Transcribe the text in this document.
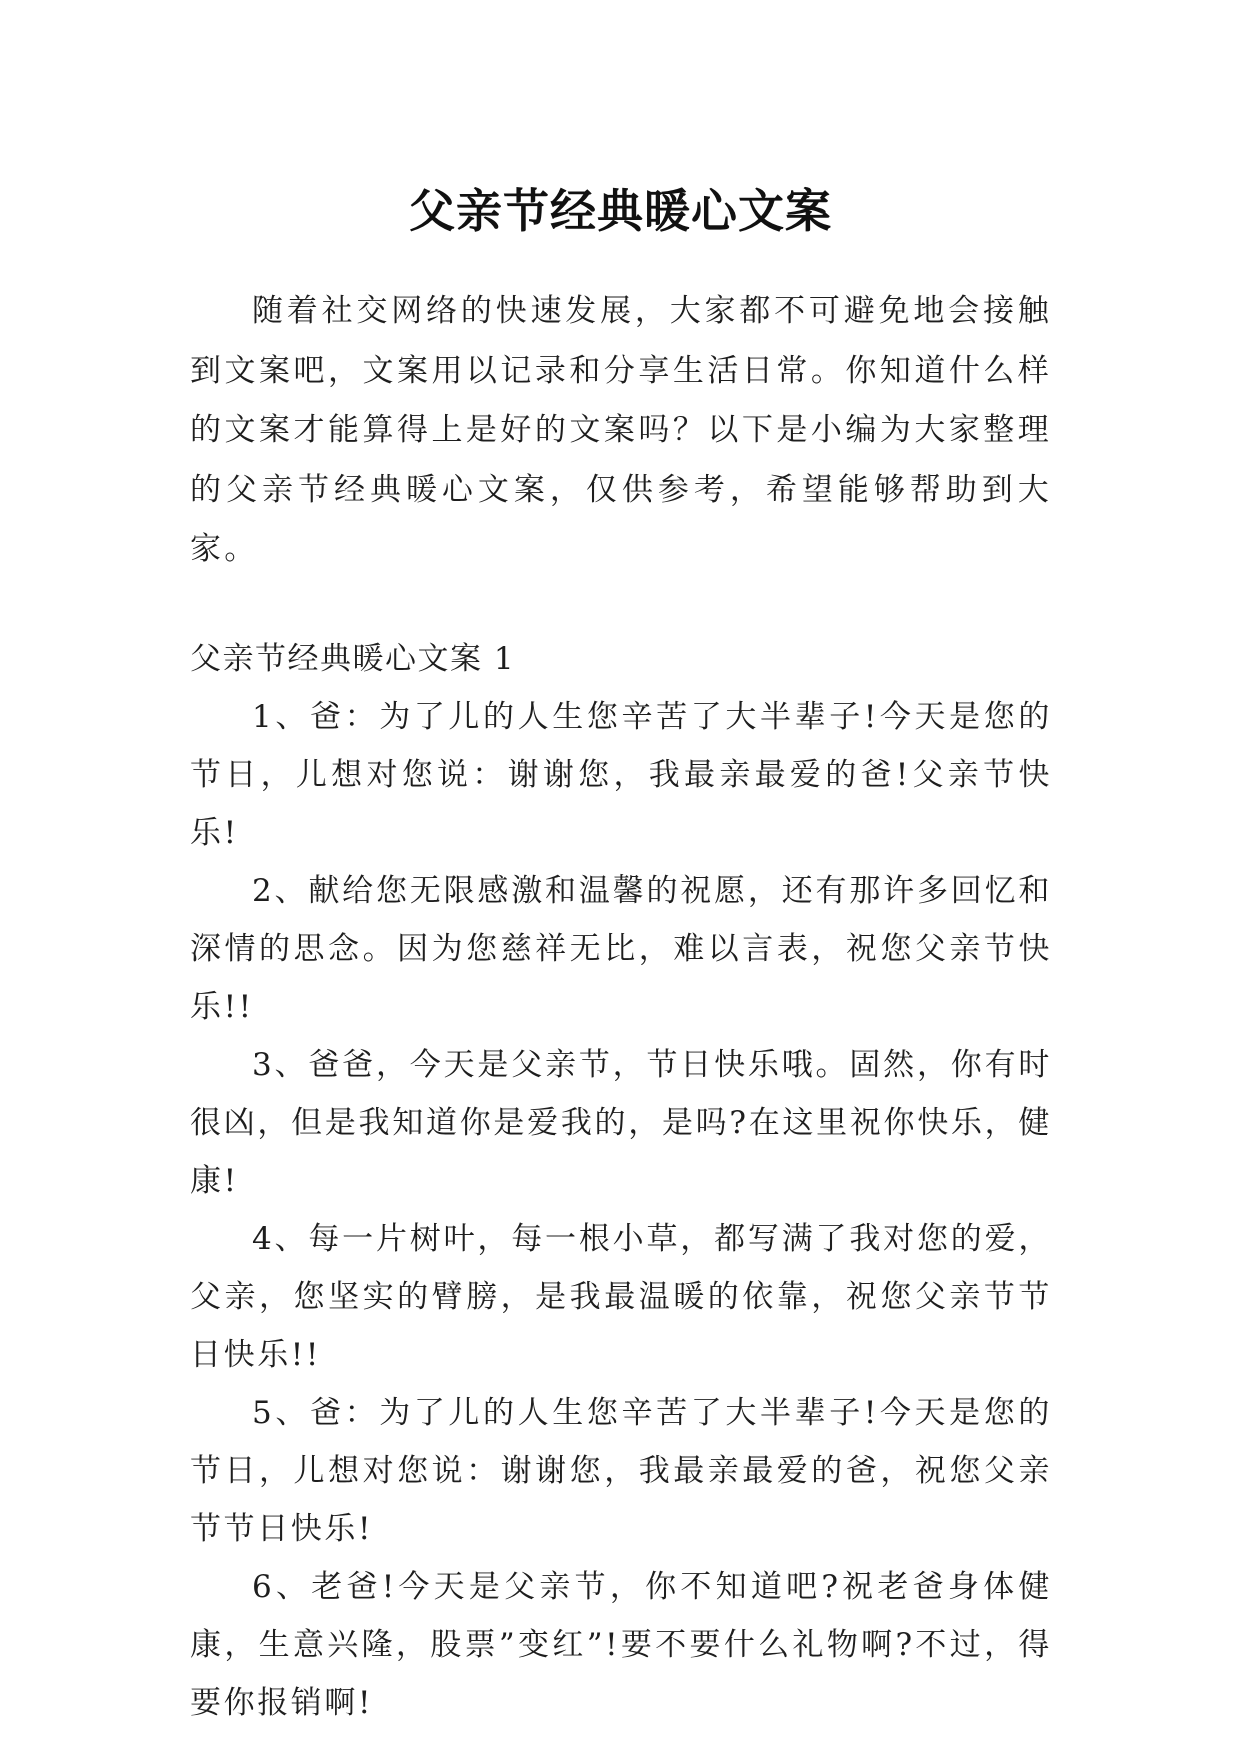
父亲节经典暖心文案

随着社交网络的快速发展，大家都不可避免地会接触到文案吧，文案用以记录和分享生活日常。你知道什么样的文案才能算得上是好的文案吗？以下是小编为大家整理的父亲节经典暖心文案，仅供参考，希望能够帮助到大家。

父亲节经典暖心文案 1

1、爸：为了儿的人生您辛苦了大半辈子!今天是您的节日，儿想对您说：谢谢您，我最亲最爱的爸!父亲节快乐!

2、献给您无限感激和温馨的祝愿，还有那许多回忆和深情的思念。因为您慈祥无比，难以言表，祝您父亲节快乐!!

3、爸爸，今天是父亲节，节日快乐哦。固然，你有时很凶，但是我知道你是爱我的，是吗?在这里祝你快乐，健康!

4、每一片树叶，每一根小草，都写满了我对您的爱，父亲，您坚实的臂膀，是我最温暖的依靠，祝您父亲节节日快乐!!

5、爸：为了儿的人生您辛苦了大半辈子!今天是您的节日，儿想对您说：谢谢您，我最亲最爱的爸，祝您父亲节节日快乐!

6、老爸!今天是父亲节，你不知道吧?祝老爸身体健康，生意兴隆，股票”变红”!要不要什么礼物啊?不过，得要你报销啊!
